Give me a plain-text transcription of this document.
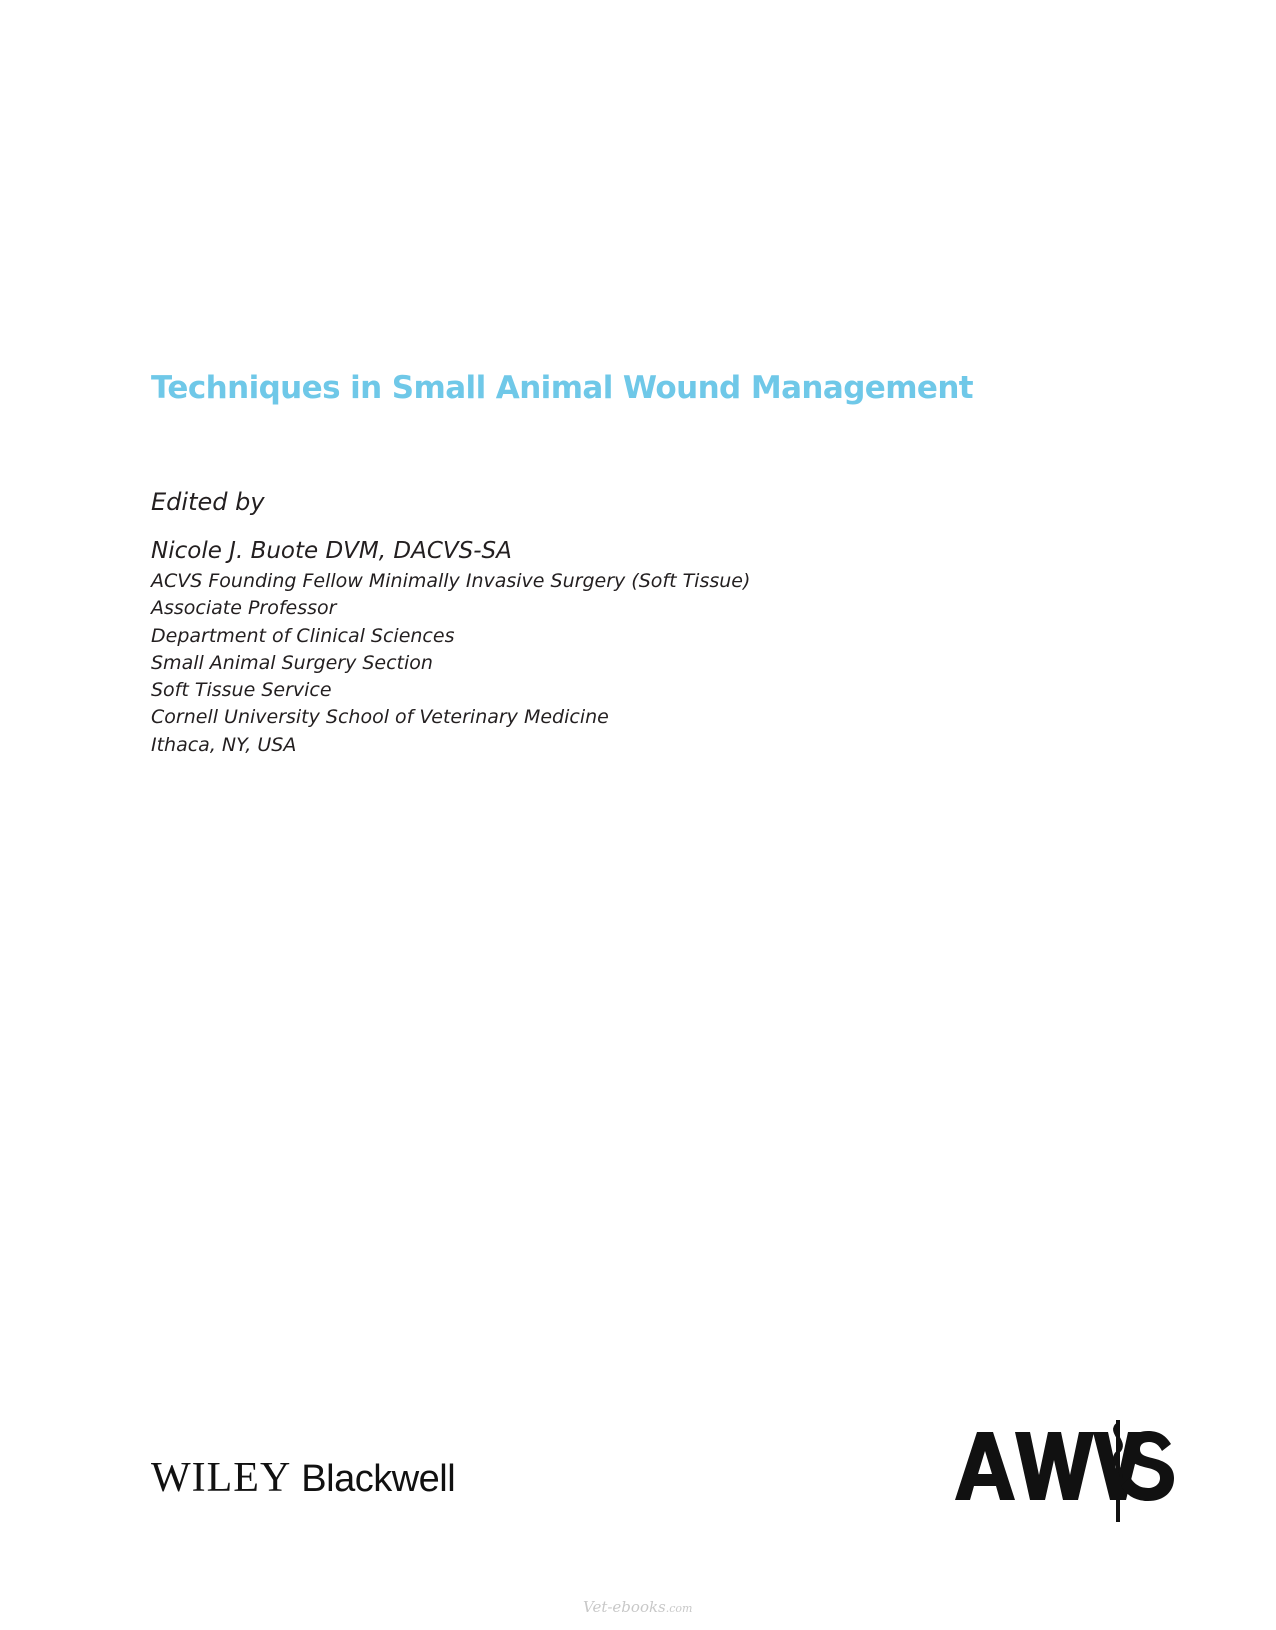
Techniques in Small Animal Wound Management
Edited by
Nicole J. Buote DVM, DACVS-SA
ACVS Founding Fellow Minimally Invasive Surgery (Soft Tissue)
Associate Professor
Department of Clinical Sciences
Small Animal Surgery Section
Soft Tissue Service
Cornell University School of Veterinary Medicine
Ithaca, NY, USA
WILEY Blackwell
Vet-ebooks.com
